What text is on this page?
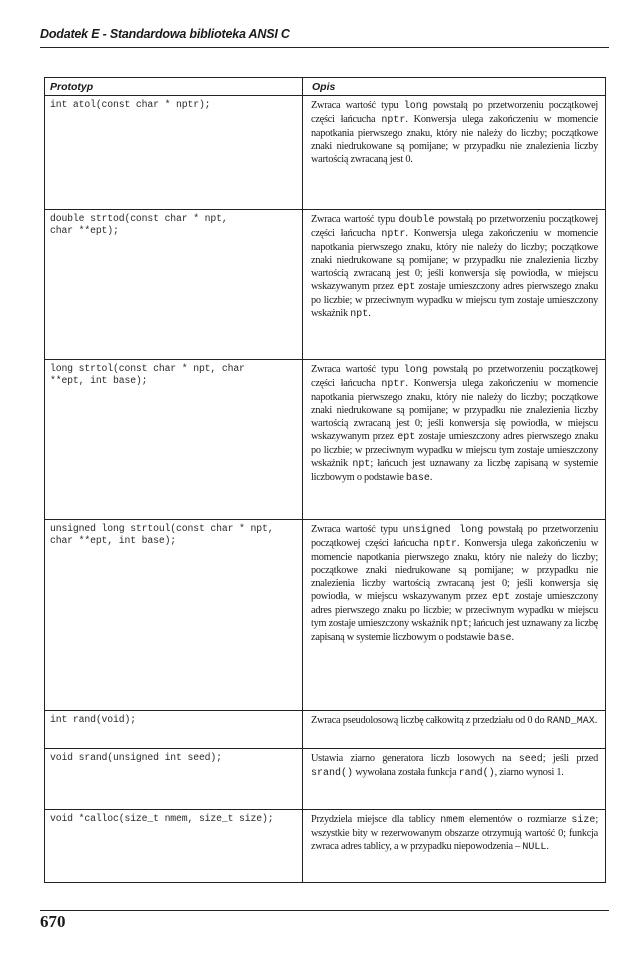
Dodatek E - Standardowa biblioteka ANSI C
Prototyp	Opis
int atol(const char * nptr);	Zwraca wartość typu long powstałą po przetworzeniu początkowej części łańcucha nptr. Konwersja ulega zakończeniu w momencie napotkania pierwszego znaku, który nie należy do liczby; początkowe znaki niedrukowane są pomijane; w przypadku nie znalezienia liczby wartością zwracaną jest 0.
double strtod(const char * npt,
char **ept);	Zwraca wartość typu double powstałą po przetworzeniu początkowej części łańcucha nptr. Konwersja ulega zakończeniu w momencie napotkania pierwszego znaku, który nie należy do liczby; początkowe znaki niedrukowane są pomijane; w przypadku nie znalezienia liczby wartością zwracaną jest 0; jeśli konwersja się powiodła, w miejscu wskazywanym przez ept zostaje umieszczony adres pierwszego znaku po liczbie; w przeciwnym wypadku w miejscu tym zostaje umieszczony wskaźnik npt.
long strtol(const char * npt, char
**ept, int base);	Zwraca wartość typu long powstałą po przetworzeniu początkowej części łańcucha nptr. Konwersja ulega zakończeniu w momencie napotkania pierwszego znaku, który nie należy do liczby; początkowe znaki niedrukowane są pomijane; w przypadku nie znalezienia liczby wartością zwracaną jest 0; jeśli konwersja się powiodła, w miejscu wskazywanym przez ept zostaje umieszczony adres pierwszego znaku po liczbie; w przeciwnym wypadku w miejscu tym zostaje umieszczony wskaźnik npt; łańcuch jest uznawany za liczbę zapisaną w systemie liczbowym o podstawie base.
unsigned long strtoul(const char * npt,
char **ept, int base);	Zwraca wartość typu unsigned long powstałą po przetworzeniu początkowej części łańcucha nptr. Konwersja ulega zakończeniu w momencie napotkania pierwszego znaku, który nie należy do liczby; początkowe znaki niedrukowane są pomijane; w przypadku nie znalezienia liczby wartością zwracaną jest 0; jeśli konwersja się powiodła, w miejscu wskazywanym przez ept zostaje umieszczony adres pierwszego znaku po liczbie; w przeciwnym wypadku w miejscu tym zostaje umieszczony wskaźnik npt; łańcuch jest uznawany za liczbę zapisaną w systemie liczbowym o podstawie base.
int rand(void);	Zwraca pseudolosową liczbę całkowitą z przedziału od 0 do RAND_MAX.
void srand(unsigned int seed);	Ustawia ziarno generatora liczb losowych na seed; jeśli przed srand() wywołana została funkcja rand(), ziarno wynosi 1.
void *calloc(size_t nmem, size_t size);	Przydziela miejsce dla tablicy nmem elementów o rozmiarze size; wszystkie bity w rezerwowanym obszarze otrzymują wartość 0; funkcja zwraca adres tablicy, a w przypadku niepowodzenia – NULL.
670
